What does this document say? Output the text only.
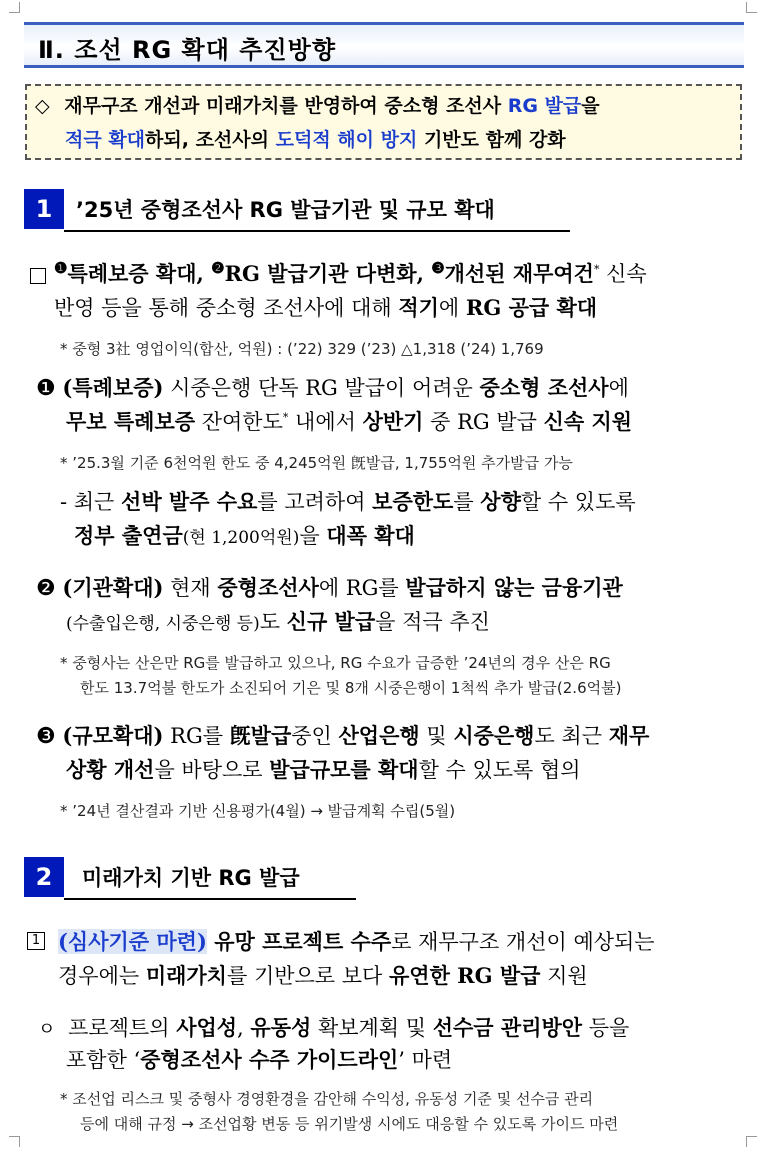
Ⅱ. 조선 RG 확대 추진방향
◇ 재무구조 개선과 미래가치를 반영하여 중소형 조선사 RG 발급을
적극 확대하되, 조선사의 도덕적 해이 방지 기반도 함께 강화
1	’25년 중형조선사 RG 발급기관 및 규모 확대
$^❶$특례보증 확대, $^❷$RG 발급기관 다변화, $^❸$개선된 재무여건* 신속
반영 등을 통해 중소형 조선사에 대해 적기에 RG 공급 확대
* 중형 3社 영업이익(합산, 억원) : (’22) 329 (’23) △1,318 (’24) 1,769
❶ (특례보증) 시중은행 단독 RG 발급이 어려운 중소형 조선사에
무보 특례보증 잔여한도* 내에서 상반기 중 RG 발급 신속 지원
* ’25.3월 기준 6천억원 한도 중 4,245억원 旣발급, 1,755억원 추가발급 가능
- 최근 선박 발주 수요를 고려하여 보증한도를 상향할 수 있도록
정부 출연금(현 1,200억원)을 대폭 확대
❷ (기관확대) 현재 중형조선사에 RG를 발급하지 않는 금융기관
(수출입은행, 시중은행 등)도 신규 발급을 적극 추진
* 중형사는 산은만 RG를 발급하고 있으나, RG 수요가 급증한 ’24년의 경우 산은 RG
한도 13.7억불 한도가 소진되어 기은 및 8개 시중은행이 1척씩 추가 발급(2.6억불)
❸ (규모확대) RG를 旣발급중인 산업은행 및 시중은행도 최근 재무
상황 개선을 바탕으로 발급규모를 확대할 수 있도록 협의
* ’24년 결산결과 기반 신용평가(4월) → 발급계획 수립(5월)
2	미래가치 기반 RG 발급
1 (심사기준 마련) 유망 프로젝트 수주로 재무구조 개선이 예상되는
경우에는 미래가치를 기반으로 보다 유연한 RG 발급 지원
ㅇ 프로젝트의 사업성, 유동성 확보계획 및 선수금 관리방안 등을
포함한 ‘중형조선사 수주 가이드라인’ 마련
* 조선업 리스크 및 중형사 경영환경을 감안해 수익성, 유동성 기준 및 선수금 관리
등에 대해 규정 → 조선업황 변동 등 위기발생 시에도 대응할 수 있도록 가이드 마련
